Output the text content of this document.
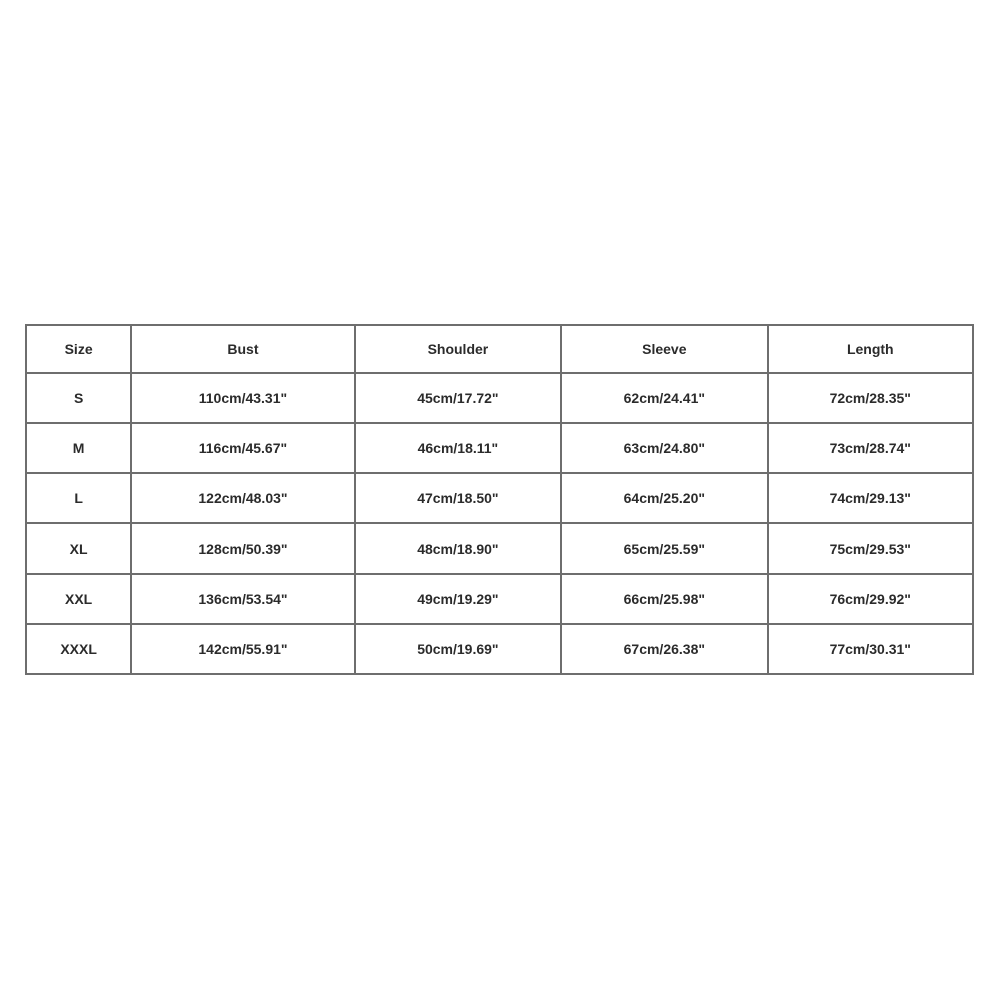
Size	Bust	Shoulder	Sleeve	Length
S	110cm/43.31"	45cm/17.72"	62cm/24.41"	72cm/28.35"
M	116cm/45.67"	46cm/18.11"	63cm/24.80"	73cm/28.74"
L	122cm/48.03"	47cm/18.50"	64cm/25.20"	74cm/29.13"
XL	128cm/50.39"	48cm/18.90"	65cm/25.59"	75cm/29.53"
XXL	136cm/53.54"	49cm/19.29"	66cm/25.98"	76cm/29.92"
XXXL	142cm/55.91"	50cm/19.69"	67cm/26.38"	77cm/30.31"
